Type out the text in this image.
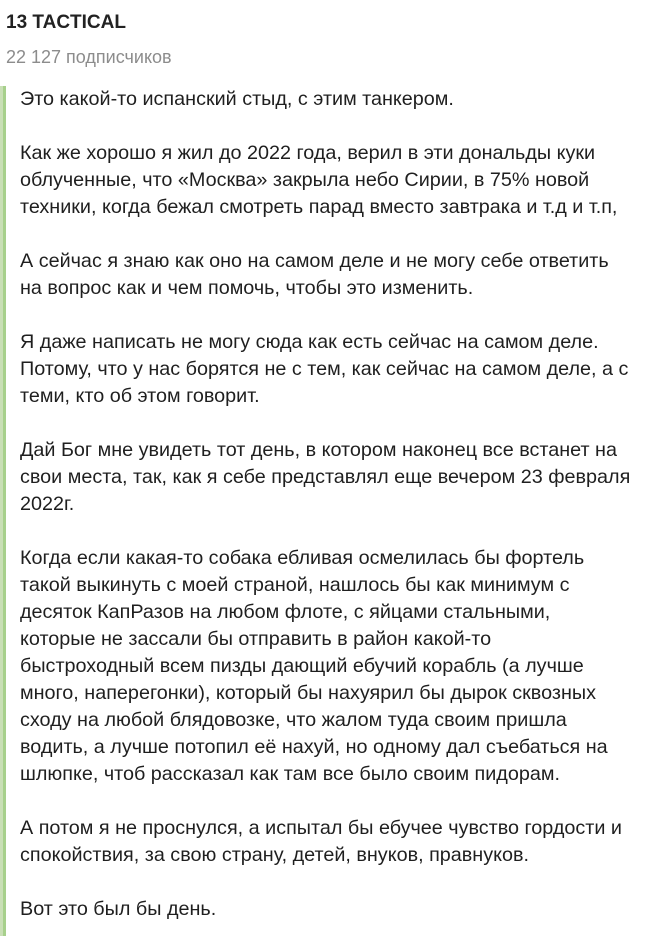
13 TACTICAL
22 127 подписчиков

Это какой-то испанский стыд, с этим танкером.

Как же хорошо я жил до 2022 года, верил в эти дональды куки
облученные, что «Москва» закрыла небо Сирии, в 75% новой
техники, когда бежал смотреть парад вместо завтрака и т.д и т.п,

А сейчас я знаю как оно на самом деле и не могу себе ответить
на вопрос как и чем помочь, чтобы это изменить.

Я даже написать не могу сюда как есть сейчас на самом деле.
Потому, что у нас борятся не с тем, как сейчас на самом деле, а с
теми, кто об этом говорит.

Дай Бог мне увидеть тот день, в котором наконец все встанет на
свои места, так, как я себе представлял еще вечером 23 февраля
2022г.

Когда если какая-то собака ебливая осмелилась бы фортель
такой выкинуть с моей страной, нашлось бы как минимум с
десяток КапРазов на любом флоте, с яйцами стальными,
которые не зассали бы отправить в район какой-то
быстроходный всем пизды дающий ебучий корабль (а лучше
много, наперегонки), который бы нахуярил бы дырок сквозных
сходу на любой блядовозке, что жалом туда своим пришла
водить, а лучше потопил её нахуй, но одному дал съебаться на
шлюпке, чтоб рассказал как там все было своим пидорам.

А потом я не проснулся, а испытал бы ебучее чувство гордости и
спокойствия, за свою страну, детей, внуков, правнуков.

Вот это был бы день.
